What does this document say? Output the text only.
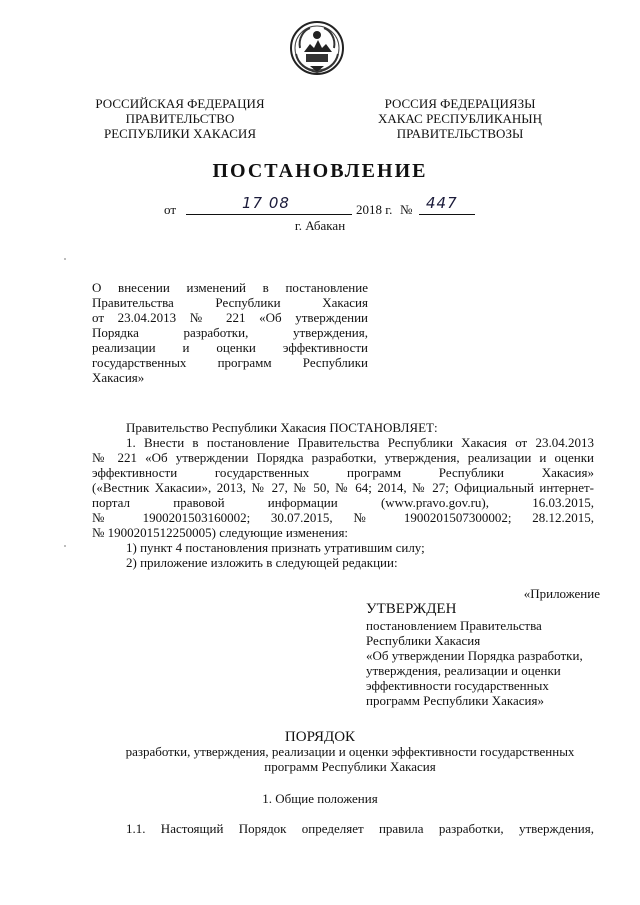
РОССИЙСКАЯ ФЕДЕРАЦИЯ
ПРАВИТЕЛЬСТВО
РЕСПУБЛИКИ ХАКАСИЯ
РОССИЯ ФЕДЕРАЦИЯЗЫ
ХАКАС РЕСПУБЛИКАНЫҢ
ПРАВИТЕЛЬСТВОЗЫ
ПОСТАНОВЛЕНИЕ
от	17 08	2018 г. № 447
г. Абакан
О внесении изменений в постановление
Правительства Республики Хакасия
от 23.04.2013 № 221 «Об утверждении
Порядка разработки, утверждения,
реализации и оценки эффективности
государственных программ Республики
Хакасия»
Правительство Республики Хакасия ПОСТАНОВЛЯЕТ:
1. Внести в постановление Правительства Республики Хакасия от 23.04.2013
№ 221 «Об утверждении Порядка разработки, утверждения, реализации и оценки
эффективности государственных программ Республики Хакасия»
(«Вестник Хакасии», 2013, № 27, № 50, № 64; 2014, № 27; Официальный интернет-
портал правовой информации (www.pravo.gov.ru), 16.03.2015,
№ 1900201503160002; 30.07.2015, № 1900201507300002; 28.12.2015,
№ 1900201512250005) следующие изменения:
1) пункт 4 постановления признать утратившим силу;
2) приложение изложить в следующей редакции:
«Приложение
УТВЕРЖДЕН
постановлением Правительства
Республики Хакасия
«Об утверждении Порядка разработки,
утверждения, реализации и оценки
эффективности государственных
программ Республики Хакасия»
ПОРЯДОК
разработки, утверждения, реализации и оценки эффективности государственных
программ Республики Хакасия
1. Общие положения
1.1. Настоящий Порядок определяет правила разработки, утверждения,
